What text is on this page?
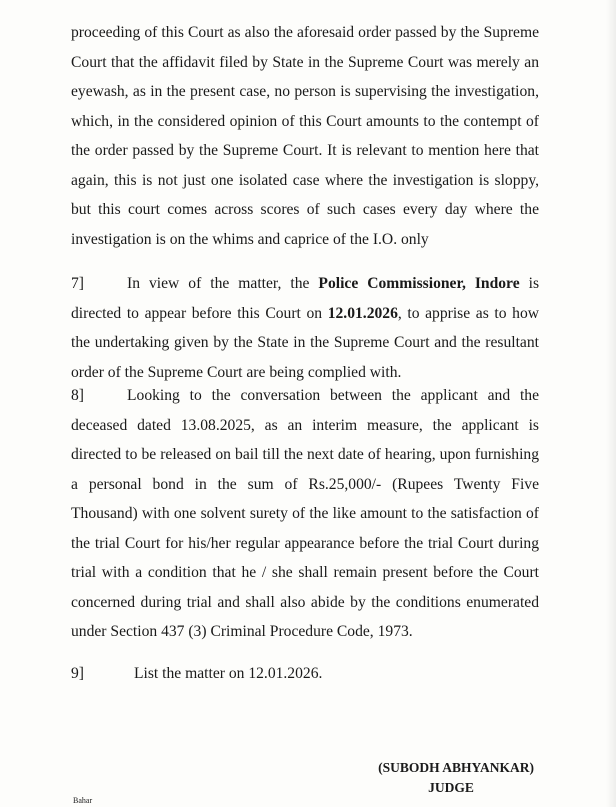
proceeding of this Court as also the aforesaid order passed by the Supreme Court that the affidavit filed by State in the Supreme Court was merely an eyewash, as in the present case, no person is supervising the investigation, which, in the considered opinion of this Court amounts to the contempt of the order passed by the Supreme Court. It is relevant to mention here that again, this is not just one isolated case where the investigation is sloppy, but this court comes across scores of such cases every day where the investigation is on the whims and caprice of the I.O. only

7]	In view of the matter, the Police Commissioner, Indore is directed to appear before this Court on 12.01.2026, to apprise as to how the undertaking given by the State in the Supreme Court and the resultant order of the Supreme Court are being complied with.

8]	Looking to the conversation between the applicant and the deceased dated 13.08.2025, as an interim measure, the applicant is directed to be released on bail till the next date of hearing, upon furnishing a personal bond in the sum of Rs.25,000/- (Rupees Twenty Five Thousand) with one solvent surety of the like amount to the satisfaction of the trial Court for his/her regular appearance before the trial Court during trial with a condition that he / she shall remain present before the Court concerned during trial and shall also abide by the conditions enumerated under Section 437 (3) Criminal Procedure Code, 1973.

9]	List the matter on 12.01.2026.

(SUBODH ABHYANKAR)
JUDGE
Bahar
